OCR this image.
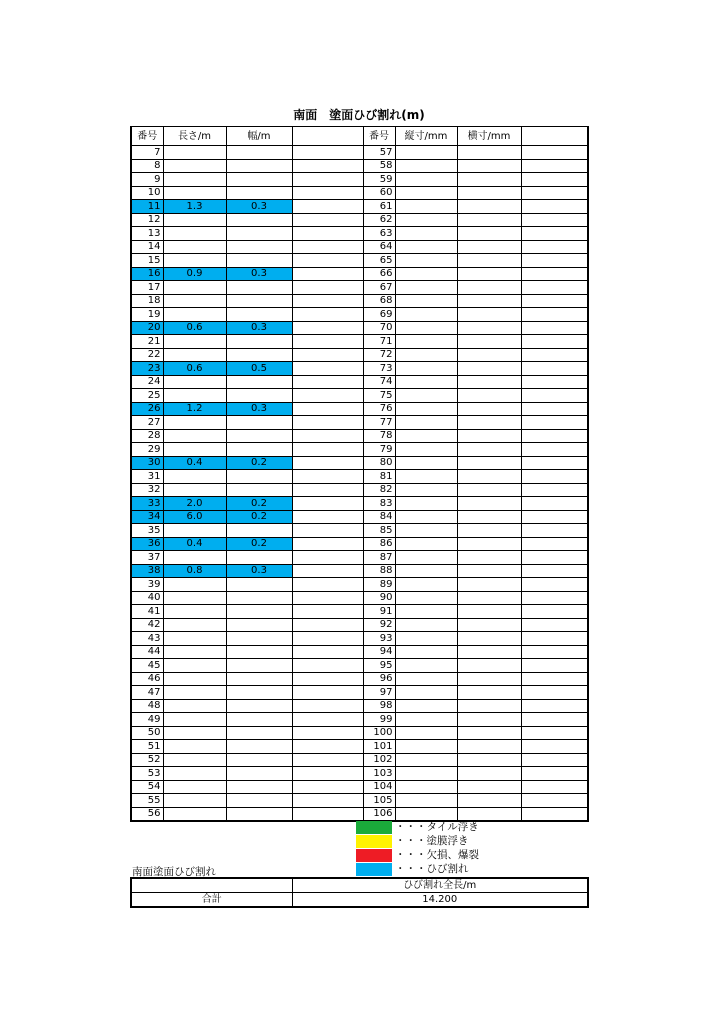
南面　塗面ひび割れ(m)
番号	長さ/m	幅/m		番号	縦寸/mm	横寸/mm	
7				57			
8				58			
9				59			
10				60			
11	1.3	0.3		61			
12				62			
13				63			
14				64			
15				65			
16	0.9	0.3		66			
17				67			
18				68			
19				69			
20	0.6	0.3		70			
21				71			
22				72			
23	0.6	0.5		73			
24				74			
25				75			
26	1.2	0.3		76			
27				77			
28				78			
29				79			
30	0.4	0.2		80			
31				81			
32				82			
33	2.0	0.2		83			
34	6.0	0.2		84			
35				85			
36	0.4	0.2		86			
37				87			
38	0.8	0.3		88			
39				89			
40				90			
41				91			
42				92			
43				93			
44				94			
45				95			
46				96			
47				97			
48				98			
49				99			
50				100			
51				101			
52				102			
53				103			
54				104			
55				105			
56				106			
・・・タイル浮き
・・・塗膜浮き
・・・欠損、爆裂
・・・ひび割れ
南面塗面ひび割れ
	ひび割れ全長/m
合計	14.200
